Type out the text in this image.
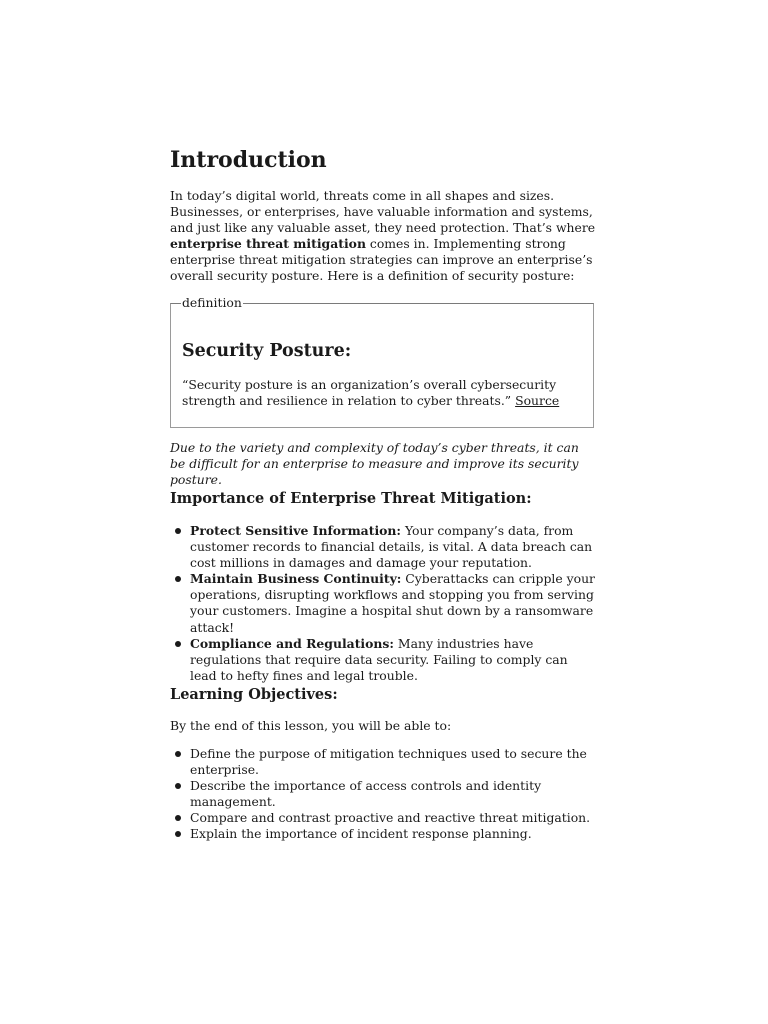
Introduction

In today’s digital world, threats come in all shapes and sizes. Businesses, or enterprises, have valuable information and systems, and just like any valuable asset, they need protection. That’s where enterprise threat mitigation comes in. Implementing strong enterprise threat mitigation strategies can improve an enterprise’s overall security posture. Here is a definition of security posture:

definition
Security Posture:

“Security posture is an organization’s overall cybersecurity strength and resilience in relation to cyber threats.” Source

Due to the variety and complexity of today’s cyber threats, it can be difficult for an enterprise to measure and improve its security posture.

Importance of Enterprise Threat Mitigation:
Protect Sensitive Information: Your company’s data, from customer records to financial details, is vital. A data breach can cost millions in damages and damage your reputation.
Maintain Business Continuity: Cyberattacks can cripple your operations, disrupting workflows and stopping you from serving your customers. Imagine a hospital shut down by a ransomware attack!
Compliance and Regulations: Many industries have regulations that require data security. Failing to comply can lead to hefty fines and legal trouble.
Learning Objectives:

By the end of this lesson, you will be able to:

Define the purpose of mitigation techniques used to secure the enterprise.
Describe the importance of access controls and identity management.
Compare and contrast proactive and reactive threat mitigation.
Explain the importance of incident response planning.
